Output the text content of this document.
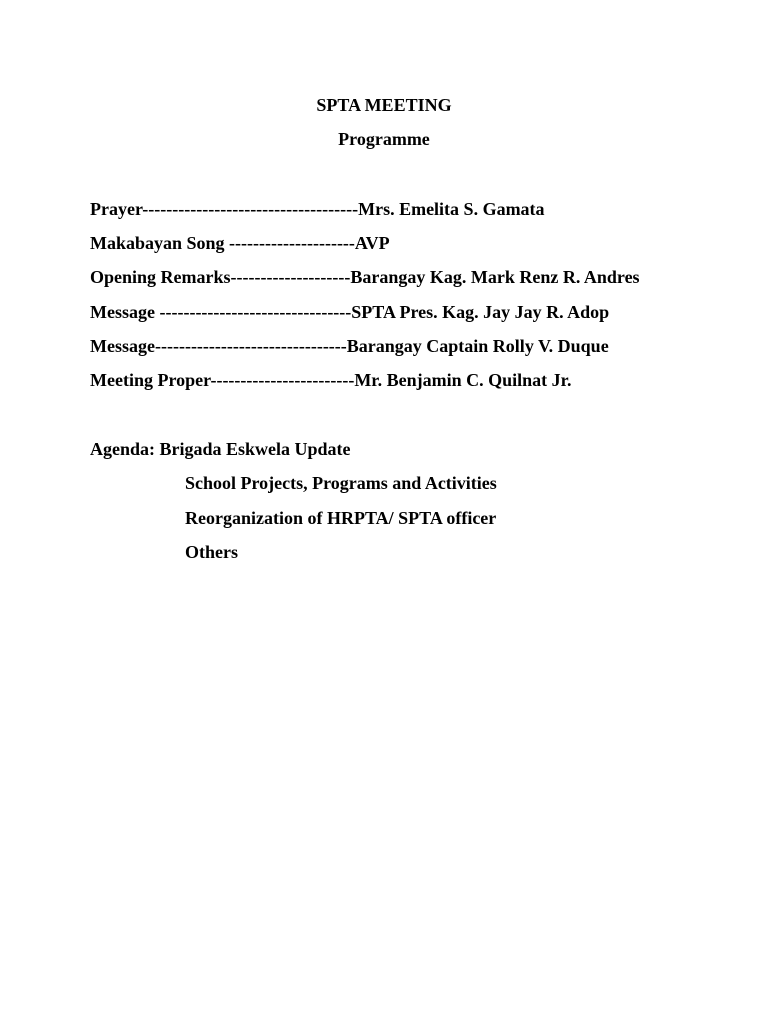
SPTA MEETING
Programme
Prayer------------------------------------Mrs. Emelita S. Gamata
Makabayan Song ---------------------AVP
Opening Remarks--------------------Barangay Kag. Mark Renz R. Andres
Message --------------------------------SPTA Pres. Kag. Jay Jay R. Adop
Message--------------------------------Barangay Captain Rolly V. Duque
Meeting Proper------------------------Mr. Benjamin C. Quilnat Jr.
Agenda: Brigada Eskwela Update
School Projects, Programs and Activities
Reorganization of HRPTA/ SPTA officer
Others
